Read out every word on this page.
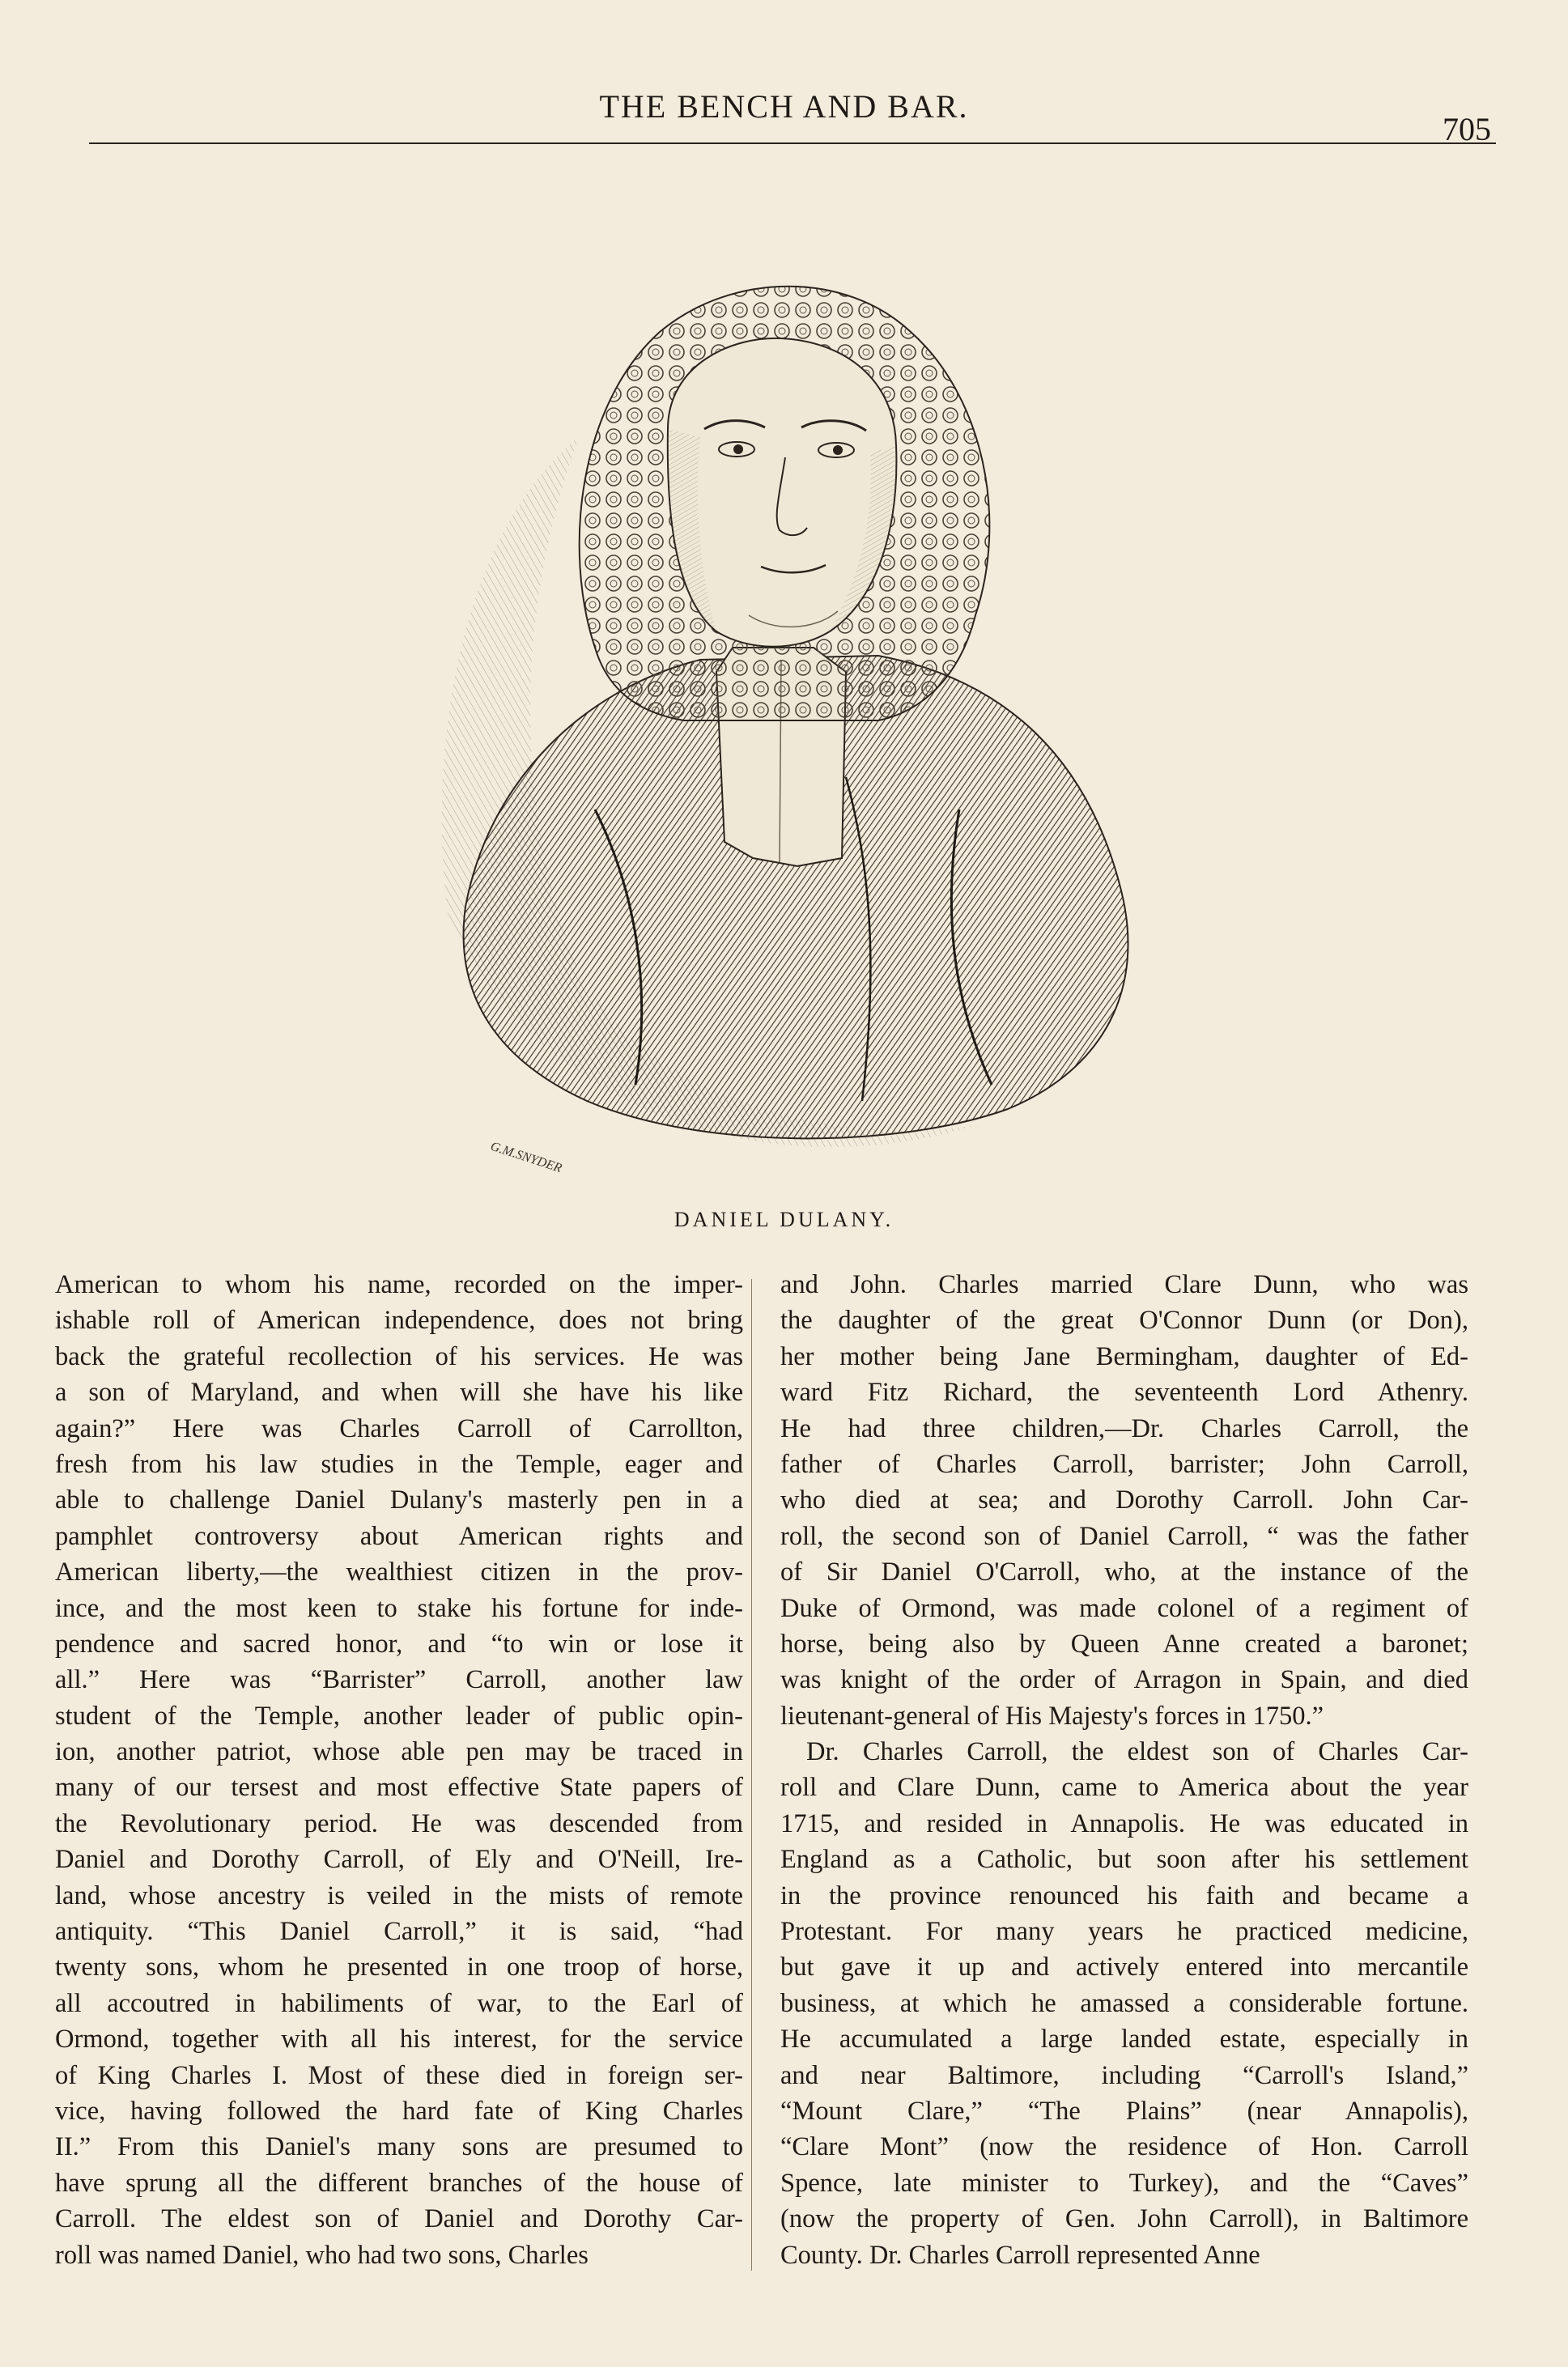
THE BENCH AND BAR.
705
G.M.SNYDER
DANIEL DULANY.
American to whom his name, recorded on the imper-
ishable roll of American independence, does not bring
back the grateful recollection of his services. He was
a son of Maryland, and when will she have his like
again?” Here was Charles Carroll of Carrollton,
fresh from his law studies in the Temple, eager and
able to challenge Daniel Dulany's masterly pen in a
pamphlet controversy about American rights and
American liberty,—the wealthiest citizen in the prov-
ince, and the most keen to stake his fortune for inde-
pendence and sacred honor, and “to win or lose it
all.” Here was “Barrister” Carroll, another law
student of the Temple, another leader of public opin-
ion, another patriot, whose able pen may be traced in
many of our tersest and most effective State papers of
the Revolutionary period. He was descended from
Daniel and Dorothy Carroll, of Ely and O'Neill, Ire-
land, whose ancestry is veiled in the mists of remote
antiquity. “This Daniel Carroll,” it is said, “had
twenty sons, whom he presented in one troop of horse,
all accoutred in habiliments of war, to the Earl of
Ormond, together with all his interest, for the service
of King Charles I. Most of these died in foreign ser-
vice, having followed the hard fate of King Charles
II.” From this Daniel's many sons are presumed to
have sprung all the different branches of the house of
Carroll. The eldest son of Daniel and Dorothy Car-
roll was named Daniel, who had two sons, Charles
and John. Charles married Clare Dunn, who was
the daughter of the great O'Connor Dunn (or Don),
her mother being Jane Bermingham, daughter of Ed-
ward Fitz Richard, the seventeenth Lord Athenry.
He had three children,—Dr. Charles Carroll, the
father of Charles Carroll, barrister; John Carroll,
who died at sea; and Dorothy Carroll. John Car-
roll, the second son of Daniel Carroll, “ was the father
of Sir Daniel O'Carroll, who, at the instance of the
Duke of Ormond, was made colonel of a regiment of
horse, being also by Queen Anne created a baronet;
was knight of the order of Arragon in Spain, and died
lieutenant-general of His Majesty's forces in 1750.”
Dr. Charles Carroll, the eldest son of Charles Car-
roll and Clare Dunn, came to America about the year
1715, and resided in Annapolis. He was educated in
England as a Catholic, but soon after his settlement
in the province renounced his faith and became a
Protestant. For many years he practiced medicine,
but gave it up and actively entered into mercantile
business, at which he amassed a considerable fortune.
He accumulated a large landed estate, especially in
and near Baltimore, including “Carroll's Island,”
“Mount Clare,” “The Plains” (near Annapolis),
“Clare Mont” (now the residence of Hon. Carroll
Spence, late minister to Turkey), and the “Caves”
(now the property of Gen. John Carroll), in Baltimore
County. Dr. Charles Carroll represented Anne
